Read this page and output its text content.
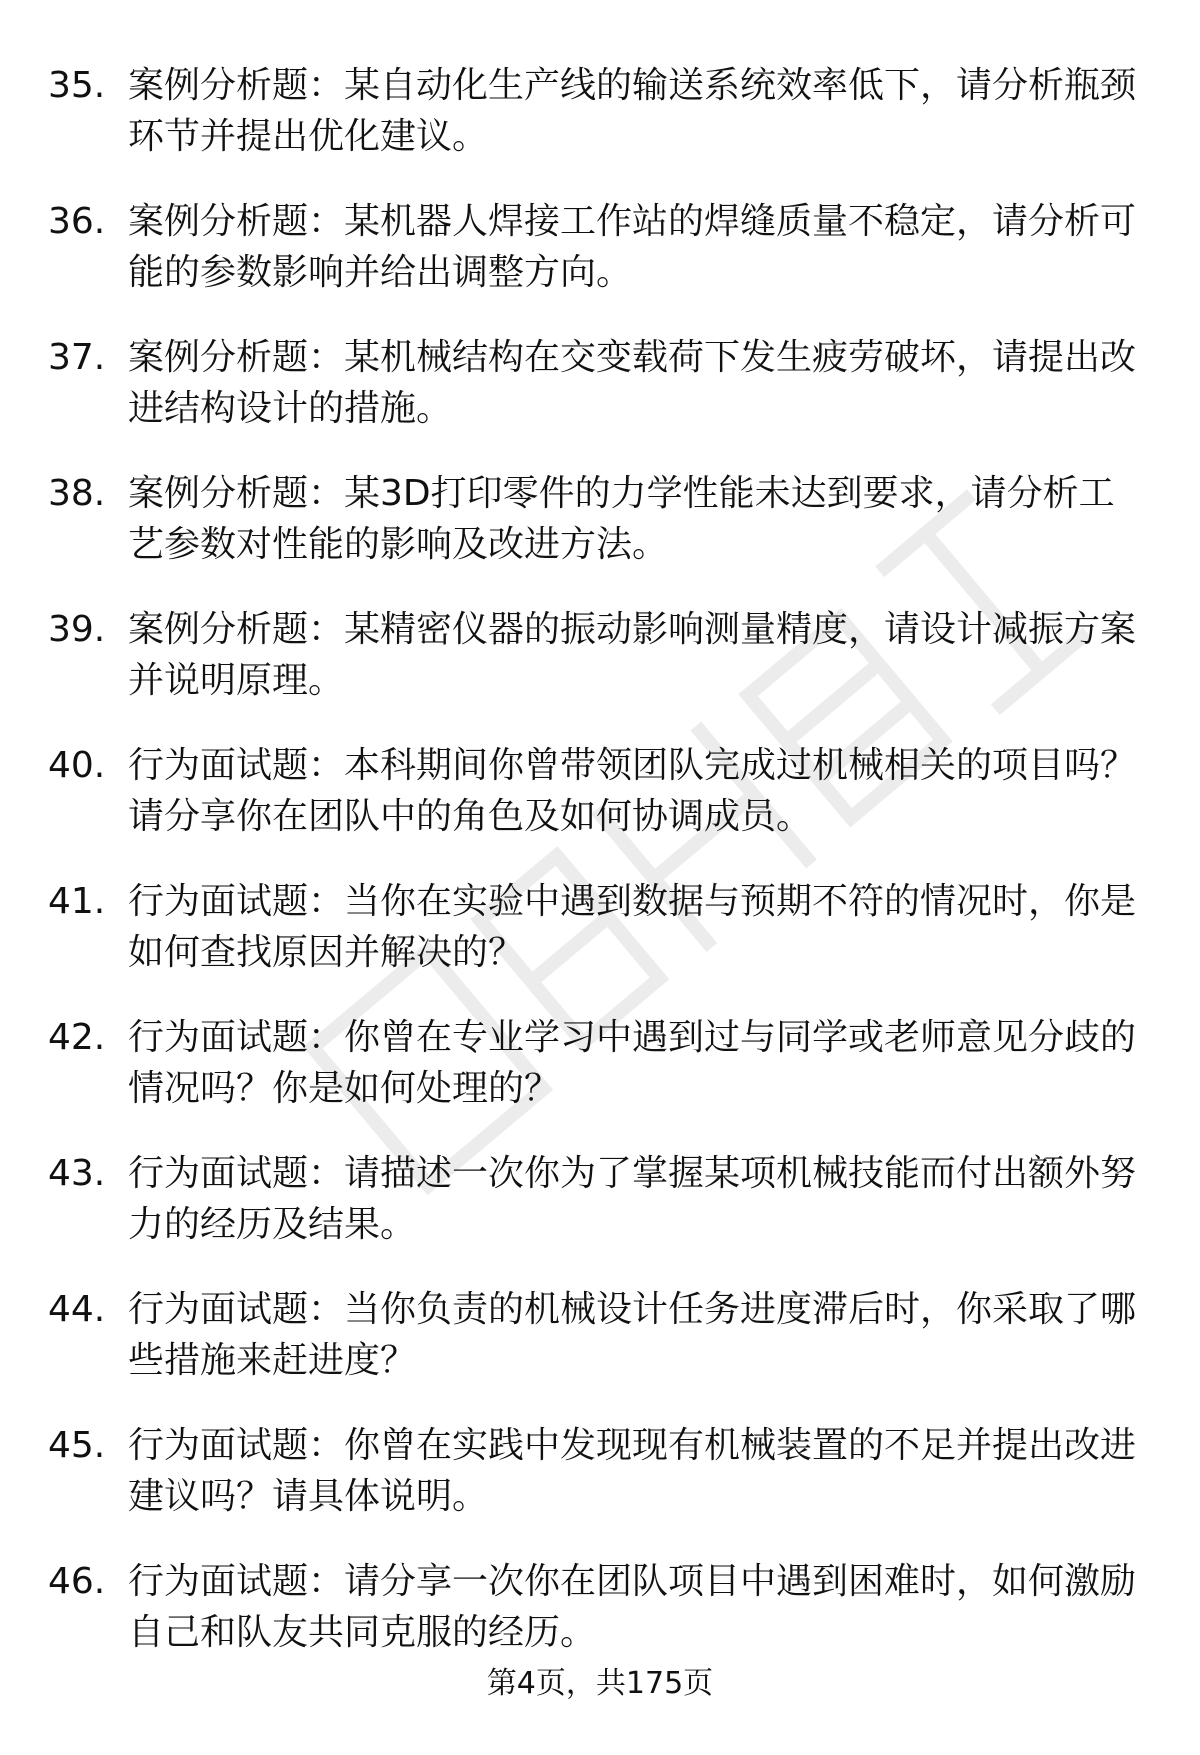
35. 案例分析题：某自动化生产线的输送系统效率低下，请分析瓶颈环节并提出优化建议。
36. 案例分析题：某机器人焊接工作站的焊缝质量不稳定，请分析可能的参数影响并给出调整方向。
37. 案例分析题：某机械结构在交变载荷下发生疲劳破坏，请提出改进结构设计的措施。
38. 案例分析题：某3D打印零件的力学性能未达到要求，请分析工艺参数对性能的影响及改进方法。
39. 案例分析题：某精密仪器的振动影响测量精度，请设计减振方案并说明原理。
40. 行为面试题：本科期间你曾带领团队完成过机械相关的项目吗？请分享你在团队中的角色及如何协调成员。
41. 行为面试题：当你在实验中遇到数据与预期不符的情况时，你是如何查找原因并解决的？
42. 行为面试题：你曾在专业学习中遇到过与同学或老师意见分歧的情况吗？你是如何处理的？
43. 行为面试题：请描述一次你为了掌握某项机械技能而付出额外努力的经历及结果。
44. 行为面试题：当你负责的机械设计任务进度滞后时，你采取了哪些措施来赶进度？
45. 行为面试题：你曾在实践中发现现有机械装置的不足并提出改进建议吗？请具体说明。
46. 行为面试题：请分享一次你在团队项目中遇到困难时，如何激励自己和队友共同克服的经历。
第4页，共175页
